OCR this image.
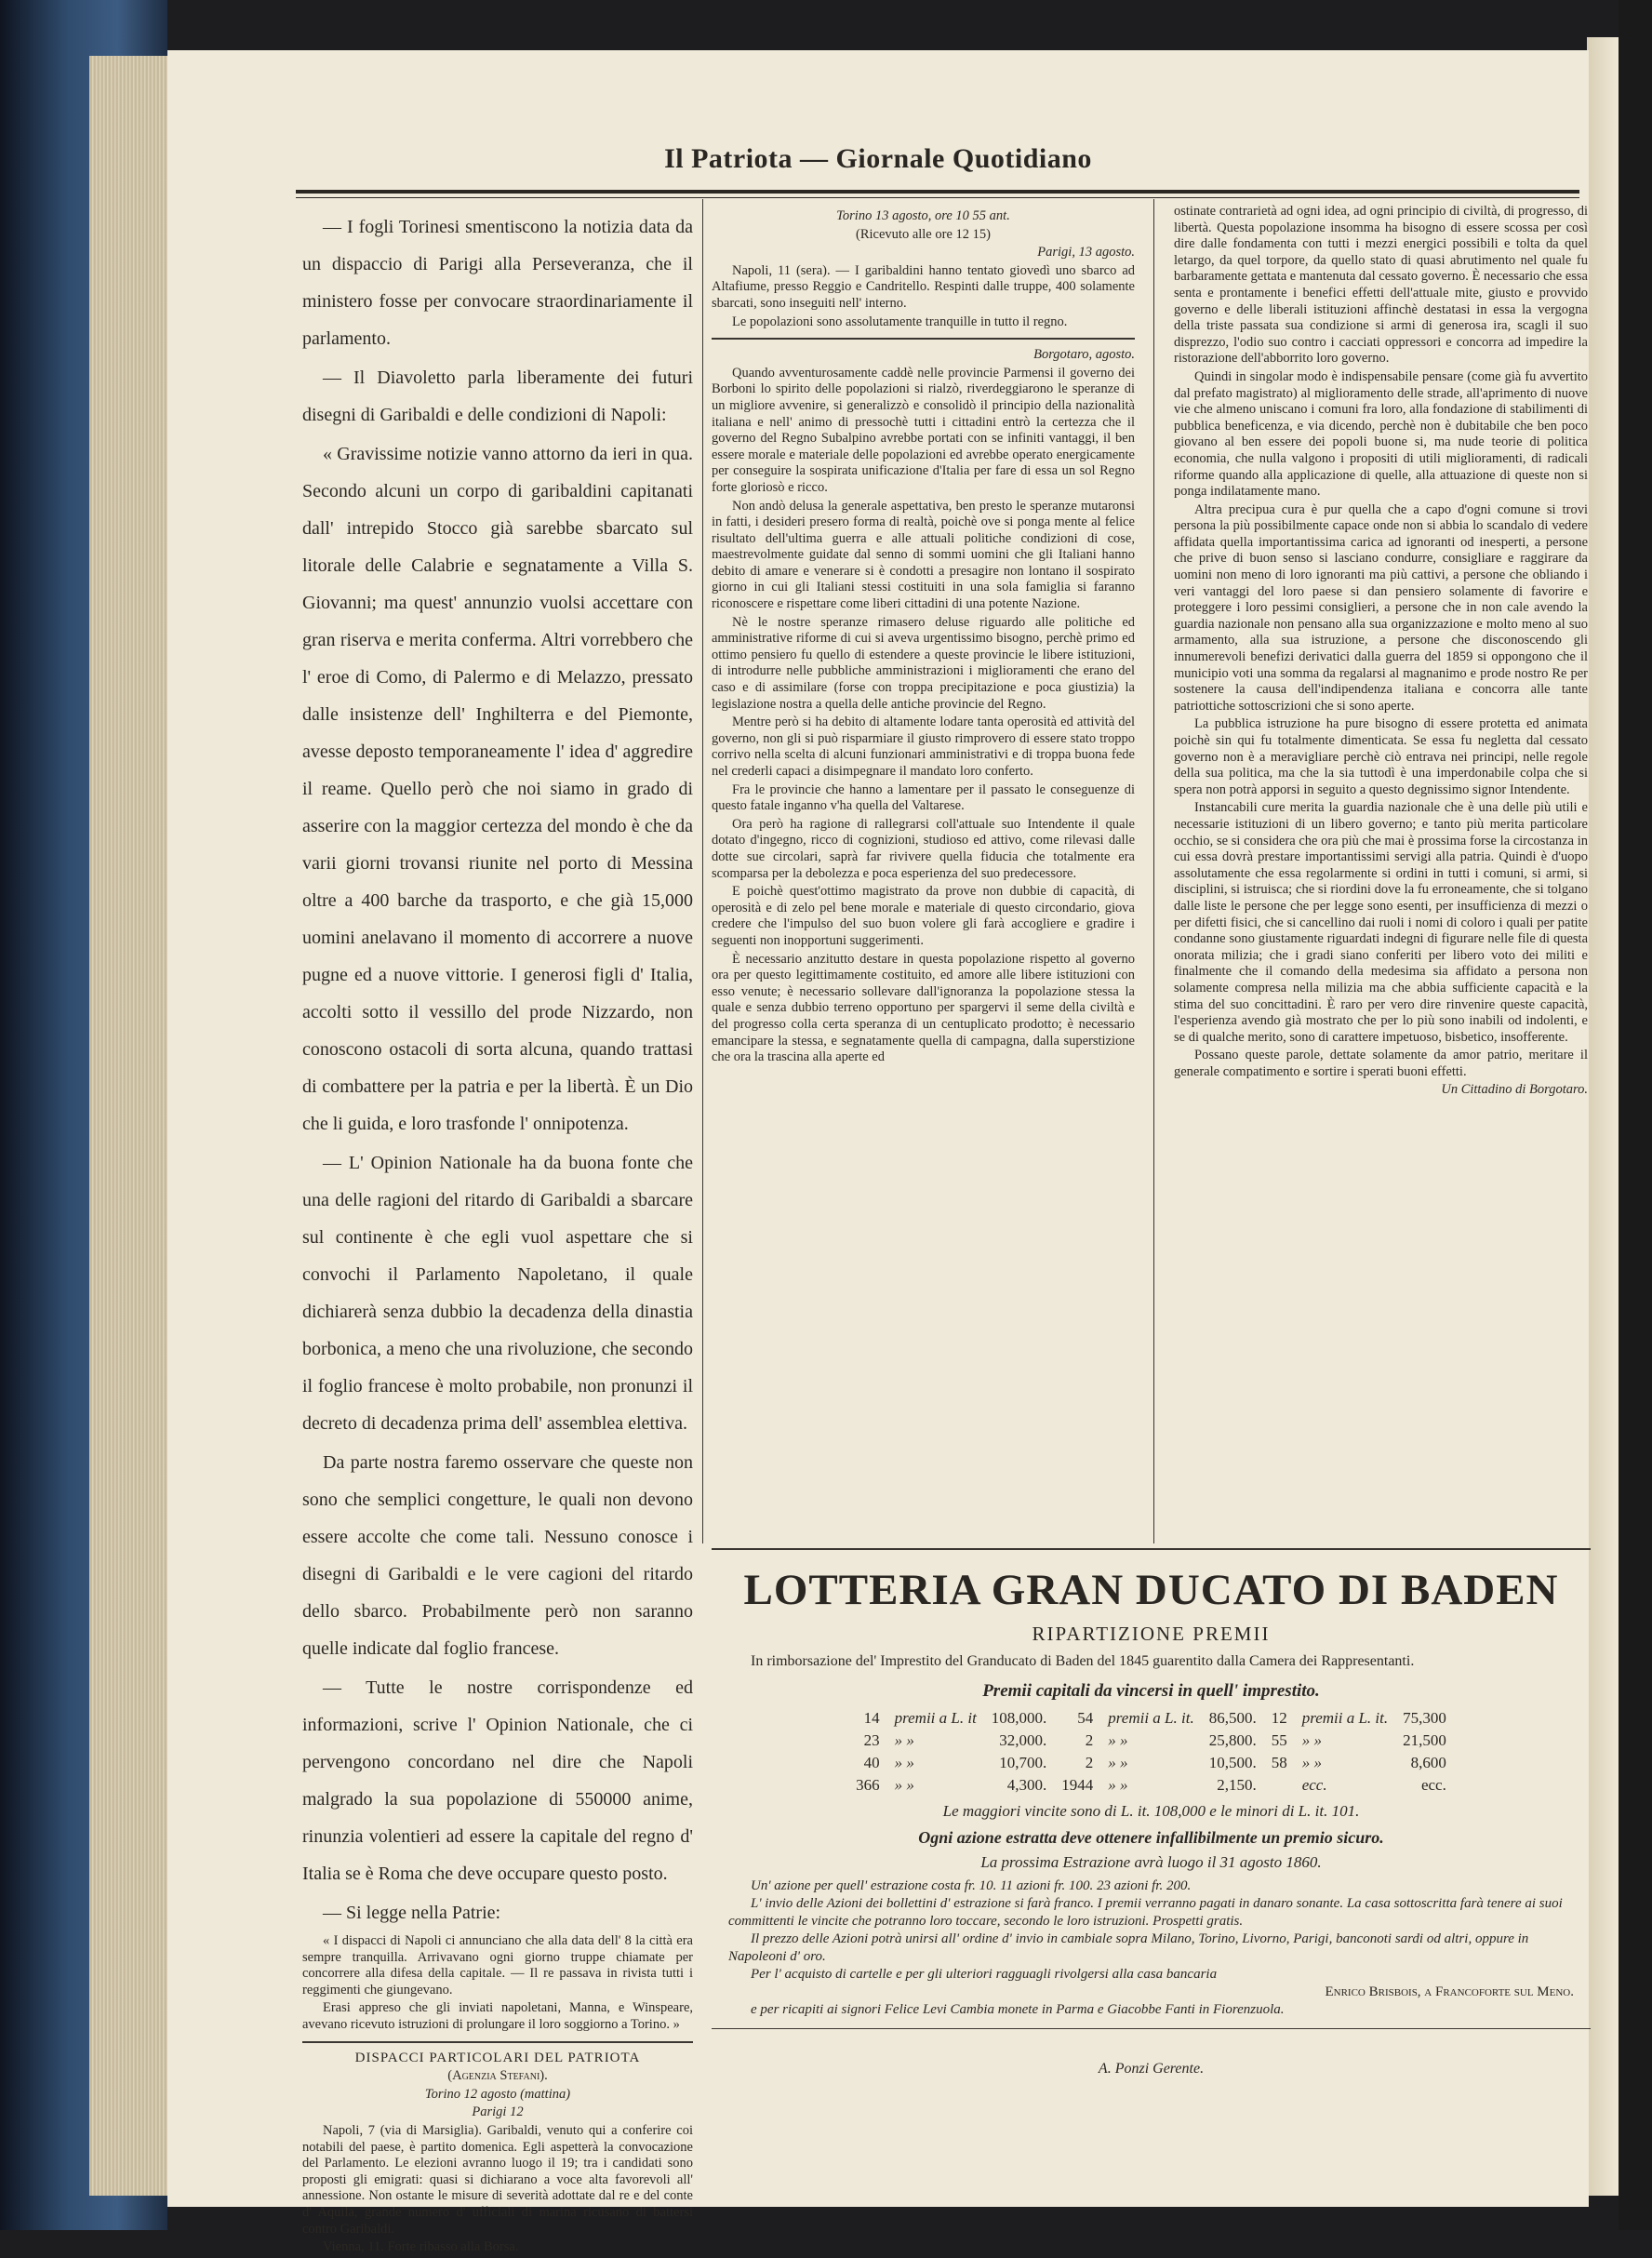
Il Patriota — Giornale Quotidiano

— I fogli Torinesi smentiscono la notizia data da un dispaccio di Parigi alla Perseveranza, che il ministero fosse per convocare straordinariamente il parlamento.

— Il Diavoletto parla liberamente dei futuri disegni di Garibaldi e delle condizioni di Napoli:

« Gravissime notizie vanno attorno da ieri in qua. Secondo alcuni un corpo di garibaldini capitanati dall' intrepido Stocco già sarebbe sbarcato sul litorale delle Calabrie e segnatamente a Villa S. Giovanni; ma quest' annunzio vuolsi accettare con gran riserva e merita conferma. Altri vorrebbero che l' eroe di Como, di Palermo e di Melazzo, pressato dalle insistenze dell' Inghilterra e del Piemonte, avesse deposto temporaneamente l' idea d' aggredire il reame. Quello però che noi siamo in grado di asserire con la maggior certezza del mondo è che da varii giorni trovansi riunite nel porto di Messina oltre a 400 barche da trasporto, e che già 15,000 uomini anelavano il momento di accorrere a nuove pugne ed a nuove vittorie. I generosi figli d' Italia, accolti sotto il vessillo del prode Nizzardo, non conoscono ostacoli di sorta alcuna, quando trattasi di combattere per la patria e per la libertà. È un Dio che li guida, e loro trasfonde l' onnipotenza.

— L' Opinion Nationale ha da buona fonte che una delle ragioni del ritardo di Garibaldi a sbarcare sul continente è che egli vuol aspettare che si convochi il Parlamento Napoletano, il quale dichiarerà senza dubbio la decadenza della dinastia borbonica, a meno che una rivoluzione, che secondo il foglio francese è molto probabile, non pronunzi il decreto di decadenza prima dell' assemblea elettiva.

Da parte nostra faremo osservare che queste non sono che semplici congetture, le quali non devono essere accolte che come tali. Nessuno conosce i disegni di Garibaldi e le vere cagioni del ritardo dello sbarco. Probabilmente però non saranno quelle indicate dal foglio francese.

— Tutte le nostre corrispondenze ed informazioni, scrive l' Opinion Nationale, che ci pervengono concordano nel dire che Napoli malgrado la sua popolazione di 550000 anime, rinunzia volentieri ad essere la capitale del regno d' Italia se è Roma che deve occupare questo posto.

— Si legge nella Patrie:

« I dispacci di Napoli ci annunciano che alla data dell' 8 la città era sempre tranquilla. Arrivavano ogni giorno truppe chiamate per concorrere alla difesa della capitale. — Il re passava in rivista tutti i reggimenti che giungevano.

Erasi appreso che gli inviati napoletani, Manna, e Winspeare, avevano ricevuto istruzioni di prolungare il loro soggiorno a Torino. »

DISPACCI PARTICOLARI DEL PATRIOTA

(Agenzia Stefani).

Torino 12 agosto (mattina)

Parigi 12

Napoli, 7 (via di Marsiglia). Garibaldi, venuto qui a conferire coi notabili del paese, è partito domenica. Egli aspetterà la convocazione del Parlamento. Le elezioni avranno luogo il 19; tra i candidati sono proposti gli emigrati: quasi si dichiarano a voce alta favorevoli all' annessione. Non ostante le misure di severità adottate dal re e del conte d' Aquila, grande numero d' ufficiali di marina ricusano di battersi contro Garibaldi.

Vienna, 11. Forte ribasso alla Borsa.

Torino 13 agosto, ore 10 55 ant.

(Ricevuto alle ore 12 15)

Parigi, 13 agosto.

Napoli, 11 (sera). — I garibaldini hanno tentato giovedì uno sbarco ad Altafiume, presso Reggio e Candritello. Respinti dalle truppe, 400 solamente sbarcati, sono inseguiti nell' interno.

Le popolazioni sono assolutamente tranquille in tutto il regno.

Borgotaro, agosto.

Quando avventurosamente caddè nelle provincie Parmensi il governo dei Borboni lo spirito delle popolazioni si rialzò, riverdeggiarono le speranze di un migliore avvenire, si generalizzò e consolidò il principio della nazionalità italiana e nell' animo di pressochè tutti i cittadini entrò la certezza che il governo del Regno Subalpino avrebbe portati con se infiniti vantaggi, il ben essere morale e materiale delle popolazioni ed avrebbe operato energicamente per conseguire la sospirata unificazione d'Italia per fare di essa un sol Regno forte gloriosò e ricco.

Non andò delusa la generale aspettativa, ben presto le speranze mutaronsi in fatti, i desideri presero forma di realtà, poichè ove si ponga mente al felice risultato dell'ultima guerra e alle attuali politiche condizioni di cose, maestrevolmente guidate dal senno di sommi uomini che gli Italiani hanno debito di amare e venerare si è condotti a presagire non lontano il sospirato giorno in cui gli Italiani stessi costituiti in una sola famiglia si faranno riconoscere e rispettare come liberi cittadini di una potente Nazione.

Nè le nostre speranze rimasero deluse riguardo alle politiche ed amministrative riforme di cui si aveva urgentissimo bisogno, perchè primo ed ottimo pensiero fu quello di estendere a queste provincie le libere istituzioni, di introdurre nelle pubbliche amministrazioni i miglioramenti che erano del caso e di assimilare (forse con troppa precipitazione e poca giustizia) la legislazione nostra a quella delle antiche provincie del Regno.

Mentre però si ha debito di altamente lodare tanta operosità ed attività del governo, non gli si può risparmiare il giusto rimprovero di essere stato troppo corrivo nella scelta di alcuni funzionari amministrativi e di troppa buona fede nel crederli capaci a disimpegnare il mandato loro conferto.

Fra le provincie che hanno a lamentare per il passato le conseguenze di questo fatale inganno v'ha quella del Valtarese.

Ora però ha ragione di rallegrarsi coll'attuale suo Intendente il quale dotato d'ingegno, ricco di cognizioni, studioso ed attivo, come rilevasi dalle dotte sue circolari, saprà far rivivere quella fiducia che totalmente era scomparsa per la debolezza e poca esperienza del suo predecessore.

E poichè quest'ottimo magistrato da prove non dubbie di capacità, di operosità e di zelo pel bene morale e materiale di questo circondario, giova credere che l'impulso del suo buon volere gli farà accogliere e gradire i seguenti non inopportuni suggerimenti.

È necessario anzitutto destare in questa popolazione rispetto al governo ora per questo legittimamente costituito, ed amore alle libere istituzioni con esso venute; è necessario sollevare dall'ignoranza la popolazione stessa la quale e senza dubbio terreno opportuno per spargervi il seme della civiltà e del progresso colla certa speranza di un centuplicato prodotto; è necessario emancipare la stessa, e segnatamente quella di campagna, dalla superstizione che ora la trascina alla aperte ed

ostinate contrarietà ad ogni idea, ad ogni principio di civiltà, di progresso, di libertà. Questa popolazione insomma ha bisogno di essere scossa per così dire dalle fondamenta con tutti i mezzi energici possibili e tolta da quel letargo, da quel torpore, da quello stato di quasi abrutimento nel quale fu barbaramente gettata e mantenuta dal cessato governo. È necessario che essa senta e prontamente i benefici effetti dell'attuale mite, giusto e provvido governo e delle liberali istituzioni affinchè destatasi in essa la vergogna della triste passata sua condizione si armi di generosa ira, scagli il suo disprezzo, l'odio suo contro i cacciati oppressori e concorra ad impedire la ristorazione dell'abborrito loro governo.

Quindi in singolar modo è indispensabile pensare (come già fu avvertito dal prefato magistrato) al miglioramento delle strade, all'aprimento di nuove vie che almeno uniscano i comuni fra loro, alla fondazione di stabilimenti di pubblica beneficenza, e via dicendo, perchè non è dubitabile che ben poco giovano al ben essere dei popoli buone si, ma nude teorie di politica economia, che nulla valgono i propositi di utili miglioramenti, di radicali riforme quando alla applicazione di quelle, alla attuazione di queste non si ponga indilatamente mano.

Altra precipua cura è pur quella che a capo d'ogni comune si trovi persona la più possibilmente capace onde non si abbia lo scandalo di vedere affidata quella importantissima carica ad ignoranti od inesperti, a persone che prive di buon senso si lasciano condurre, consigliare e raggirare da uomini non meno di loro ignoranti ma più cattivi, a persone che obliando i veri vantaggi del loro paese si dan pensiero solamente di favorire e proteggere i loro pessimi consiglieri, a persone che in non cale avendo la guardia nazionale non pensano alla sua organizzazione e molto meno al suo armamento, alla sua istruzione, a persone che disconoscendo gli innumerevoli benefizi derivatici dalla guerra del 1859 si oppongono che il municipio voti una somma da regalarsi al magnanimo e prode nostro Re per sostenere la causa dell'indipendenza italiana e concorra alle tante patriottiche sottoscrizioni che si sono aperte.

La pubblica istruzione ha pure bisogno di essere protetta ed animata poichè sin qui fu totalmente dimenticata. Se essa fu negletta dal cessato governo non è a meravigliare perchè ciò entrava nei principi, nelle regole della sua politica, ma che la sia tuttodì è una imperdonabile colpa che si spera non potrà apporsi in seguito a questo degnissimo signor Intendente.

Instancabili cure merita la guardia nazionale che è una delle più utili e necessarie istituzioni di un libero governo; e tanto più merita particolare occhio, se si considera che ora più che mai è prossima forse la circostanza in cui essa dovrà prestare importantissimi servigi alla patria. Quindi è d'uopo assolutamente che essa regolarmente si ordini in tutti i comuni, si armi, si disciplini, si istruisca; che si riordini dove la fu erroneamente, che si tolgano dalle liste le persone che per legge sono esenti, per insufficienza di mezzi o per difetti fisici, che si cancellino dai ruoli i nomi di coloro i quali per patite condanne sono giustamente riguardati indegni di figurare nelle file di questa onorata milizia; che i gradi siano conferiti per libero voto dei militi e finalmente che il comando della medesima sia affidato a persona non solamente compresa nella milizia ma che abbia sufficiente capacità e la stima del suo concittadini. È raro per vero dire rinvenire queste capacità, l'esperienza avendo già mostrato che per lo più sono inabili od indolenti, e se di qualche merito, sono di carattere impetuoso, bisbetico, insofferente.

Possano queste parole, dettate solamente da amor patrio, meritare il generale compatimento e sortire i sperati buoni effetti.

Un Cittadino di Borgotaro.

LOTTERIA GRAN DUCATO DI BADEN

RIPARTIZIONE PREMII

In rimborsazione del' Imprestito del Granducato di Baden del 1845 guarentito dalla Camera dei Rappresentanti.

Premii capitali da vincersi in quell' imprestito.

14	premii a L. it	108,000.	54	premii a L. it.	86,500.	12	premii a L. it.	75,300
23	» »	32,000.	2	» »	25,800.	55	» »	21,500
40	» »	10,700.	2	» »	10,500.	58	» »	8,600
366	» »	4,300.	1944	» »	2,150.		ecc.	ecc.

Le maggiori vincite sono di L. it. 108,000 e le minori di L. it. 101.

Ogni azione estratta deve ottenere infallibilmente un premio sicuro.

La prossima Estrazione avrà luogo il 31 agosto 1860.

Un' azione per quell' estrazione costa fr. 10. 11 azioni fr. 100. 23 azioni fr. 200.

L' invio delle Azioni dei bollettini d' estrazione si farà franco. I premii verranno pagati in danaro sonante. La casa sottoscritta farà tenere ai suoi committenti le vincite che potranno loro toccare, secondo le loro istruzioni. Prospetti gratis.

Il prezzo delle Azioni potrà unirsi all' ordine d' invio in cambiale sopra Milano, Torino, Livorno, Parigi, banconoti sardi od altri, oppure in Napoleoni d' oro.

Per l' acquisto di cartelle e per gli ulteriori ragguagli rivolgersi alla casa bancaria

Enrico Brisbois, a Francoforte sul Meno.

e per ricapiti ai signori Felice Levi Cambia monete in Parma e Giacobbe Fanti in Fiorenzuola.

A. Ponzi Gerente.
